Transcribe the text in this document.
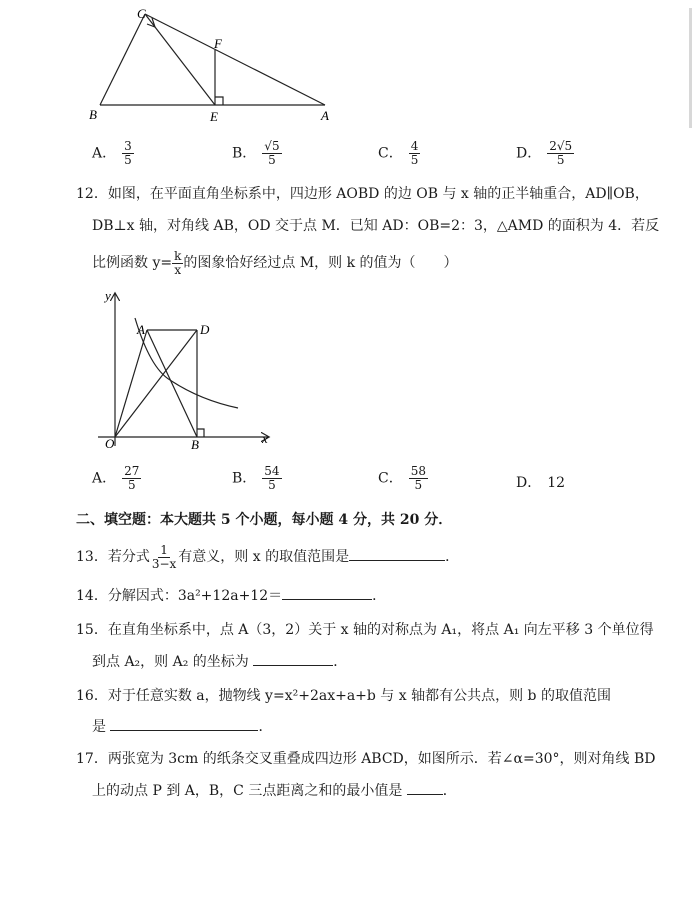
C
F
B	E	A
A． $\frac{3}{5}$	B． $\frac{√5}{5}$	C． $\frac{4}{5}$	D． $\frac{2√5}{5}$
12．如图，在平面直角坐标系中，四边形 AOBD 的边 OB 与 x 轴的正半轴重合，AD∥OB，
DB⊥x 轴，对角线 AB，OD 交于点 M．已知 AD：OB=2：3，△AMD 的面积为 4．若反
比例函数 $y= \frac{k}{x}$ 的图象恰好经过点 M，则 k 的值为（　　）
y
A	D
O	B	x
A． $\frac{27}{5}$	B． $\frac{54}{5}$	C． $\frac{58}{5}$	D． 12
二、填空题：本大题共 5 个小题，每小题 4 分，共 20 分．
13．若分式 $\frac{1}{3-x}$ 有意义，则 x 的取值范围是	．
14．分解因式：3a²+12a+12＝	．
15．在直角坐标系中，点 A（3，2）关于 x 轴的对称点为 A₁，将点 A₁ 向左平移 3 个单位得
到点 A₂，则 A₂ 的坐标为	．
16．对于任意实数 a，抛物线 y=x²+2ax+a+b 与 x 轴都有公共点，则 b 的取值范围
是	．
17．两张宽为 3cm 的纸条交叉重叠成四边形 ABCD，如图所示．若∠α=30°，则对角线 BD
上的动点 P 到 A，B，C 三点距离之和的最小值是	．
